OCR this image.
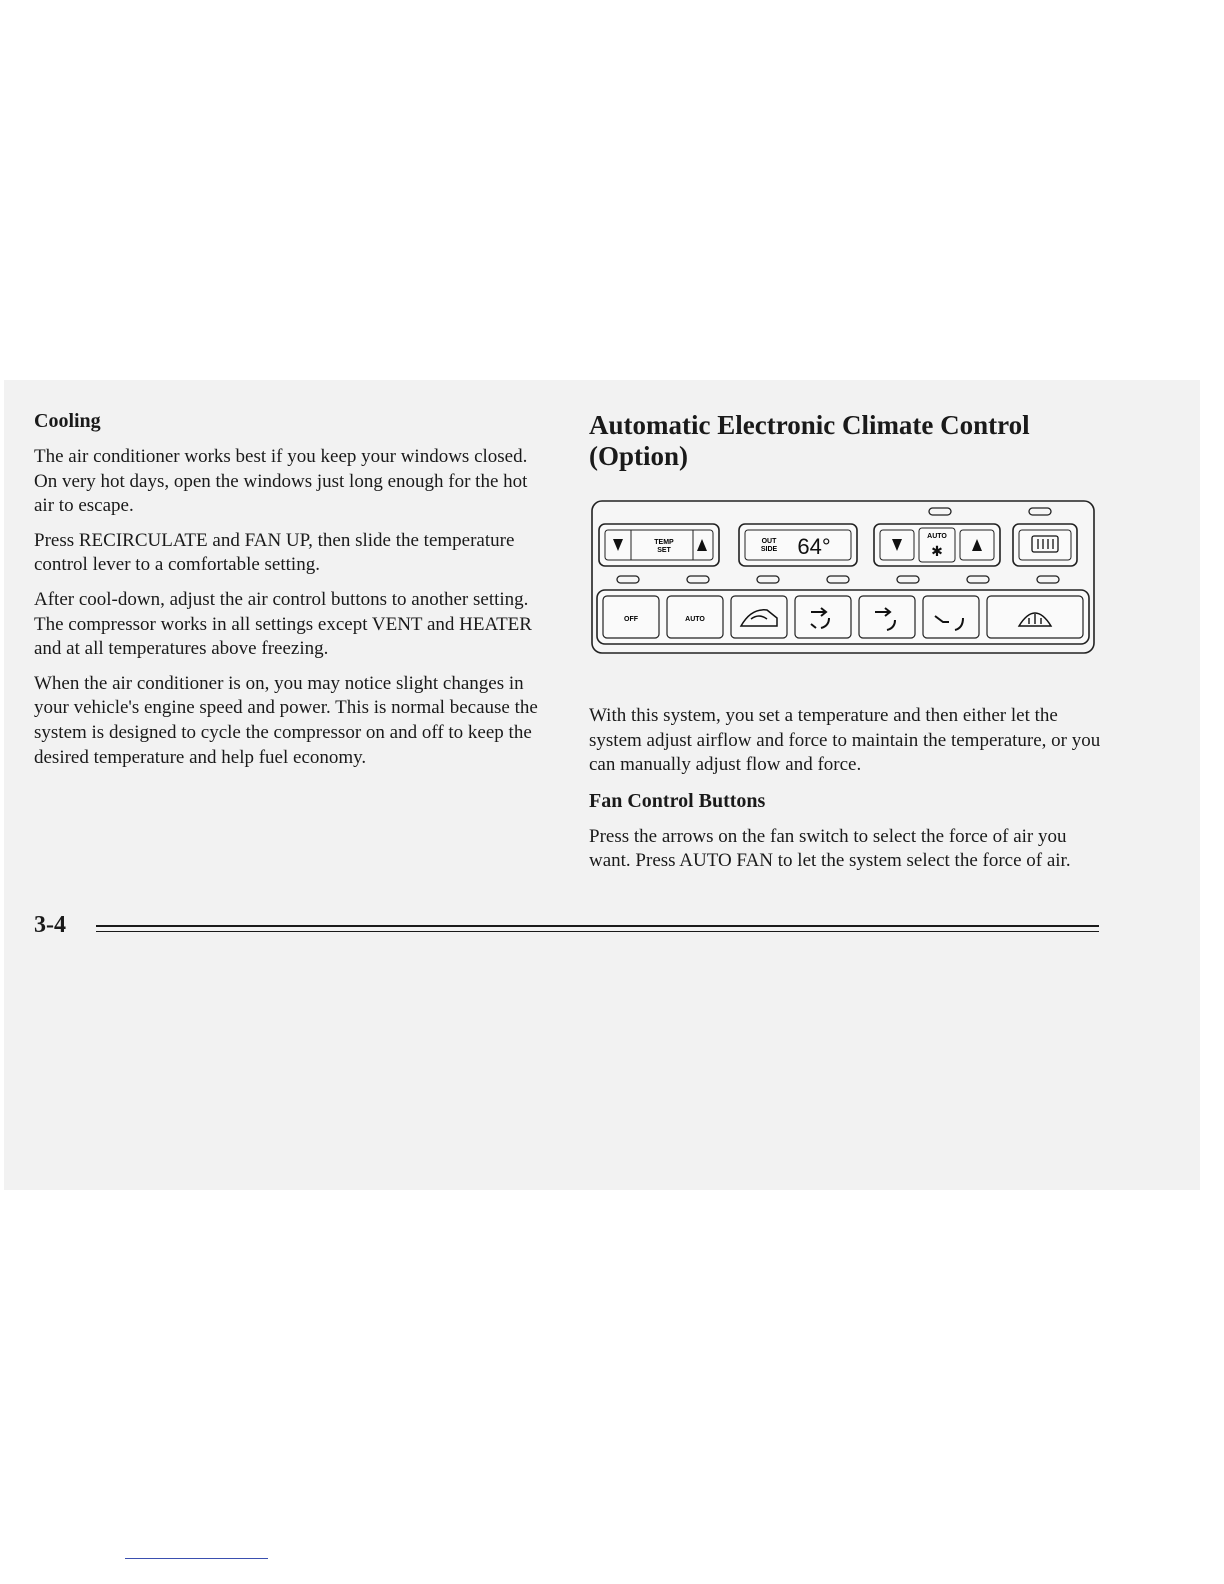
Cooling

The air conditioner works best if you keep your windows closed. On very hot days, open the windows just long enough for the hot air to escape.

Press RECIRCULATE and FAN UP, then slide the temperature control lever to a comfortable setting.

After cool-down, adjust the air control buttons to another setting. The compressor works in all settings except VENT and HEATER and at all temperatures above freezing.

When the air conditioner is on, you may notice slight changes in your vehicle's engine speed and power. This is normal because the system is designed to cycle the compressor on and off to keep the desired temperature and help fuel economy.

Automatic Electronic Climate Control (Option)
TEMP
SET
OUT
SIDE 64°	AUTO
✱
OFF	AUTO

With this system, you set a temperature and then either let the system adjust airflow and force to maintain the temperature, or you can manually adjust flow and force.

Fan Control Buttons

Press the arrows on the fan switch to select the force of air you want. Press AUTO FAN to let the system select the force of air.

3-4
